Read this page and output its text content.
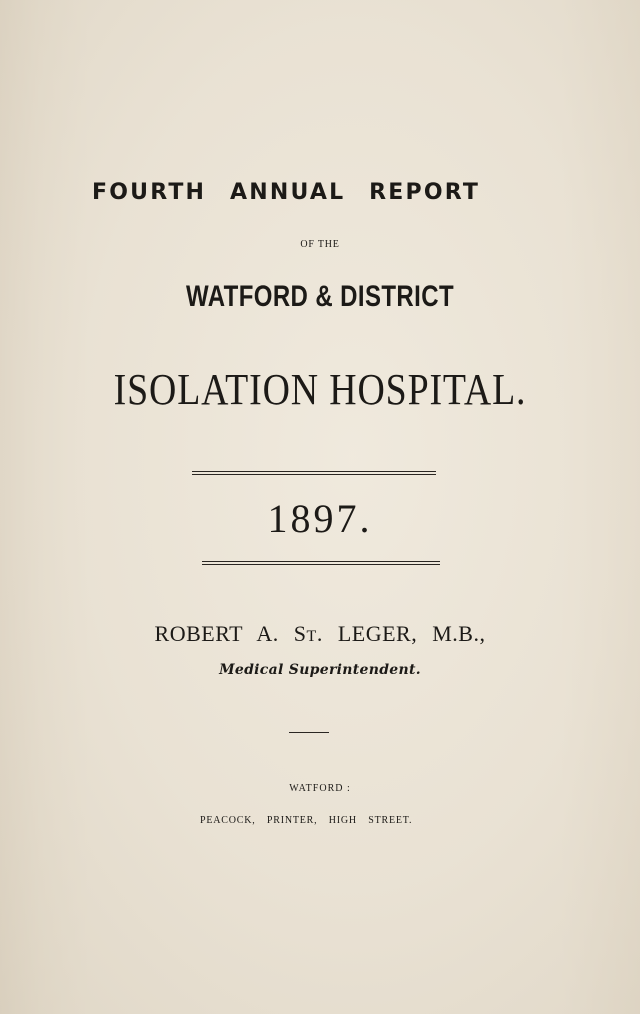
FOURTH ANNUAL REPORT
OF THE
WATFORD & DISTRICT
ISOLATION HOSPITAL.
1897.
ROBERT A. ST. LEGER, M.B.,
Medical Superintendent.
WATFORD :
PEACOCK, PRINTER, HIGH STREET.
